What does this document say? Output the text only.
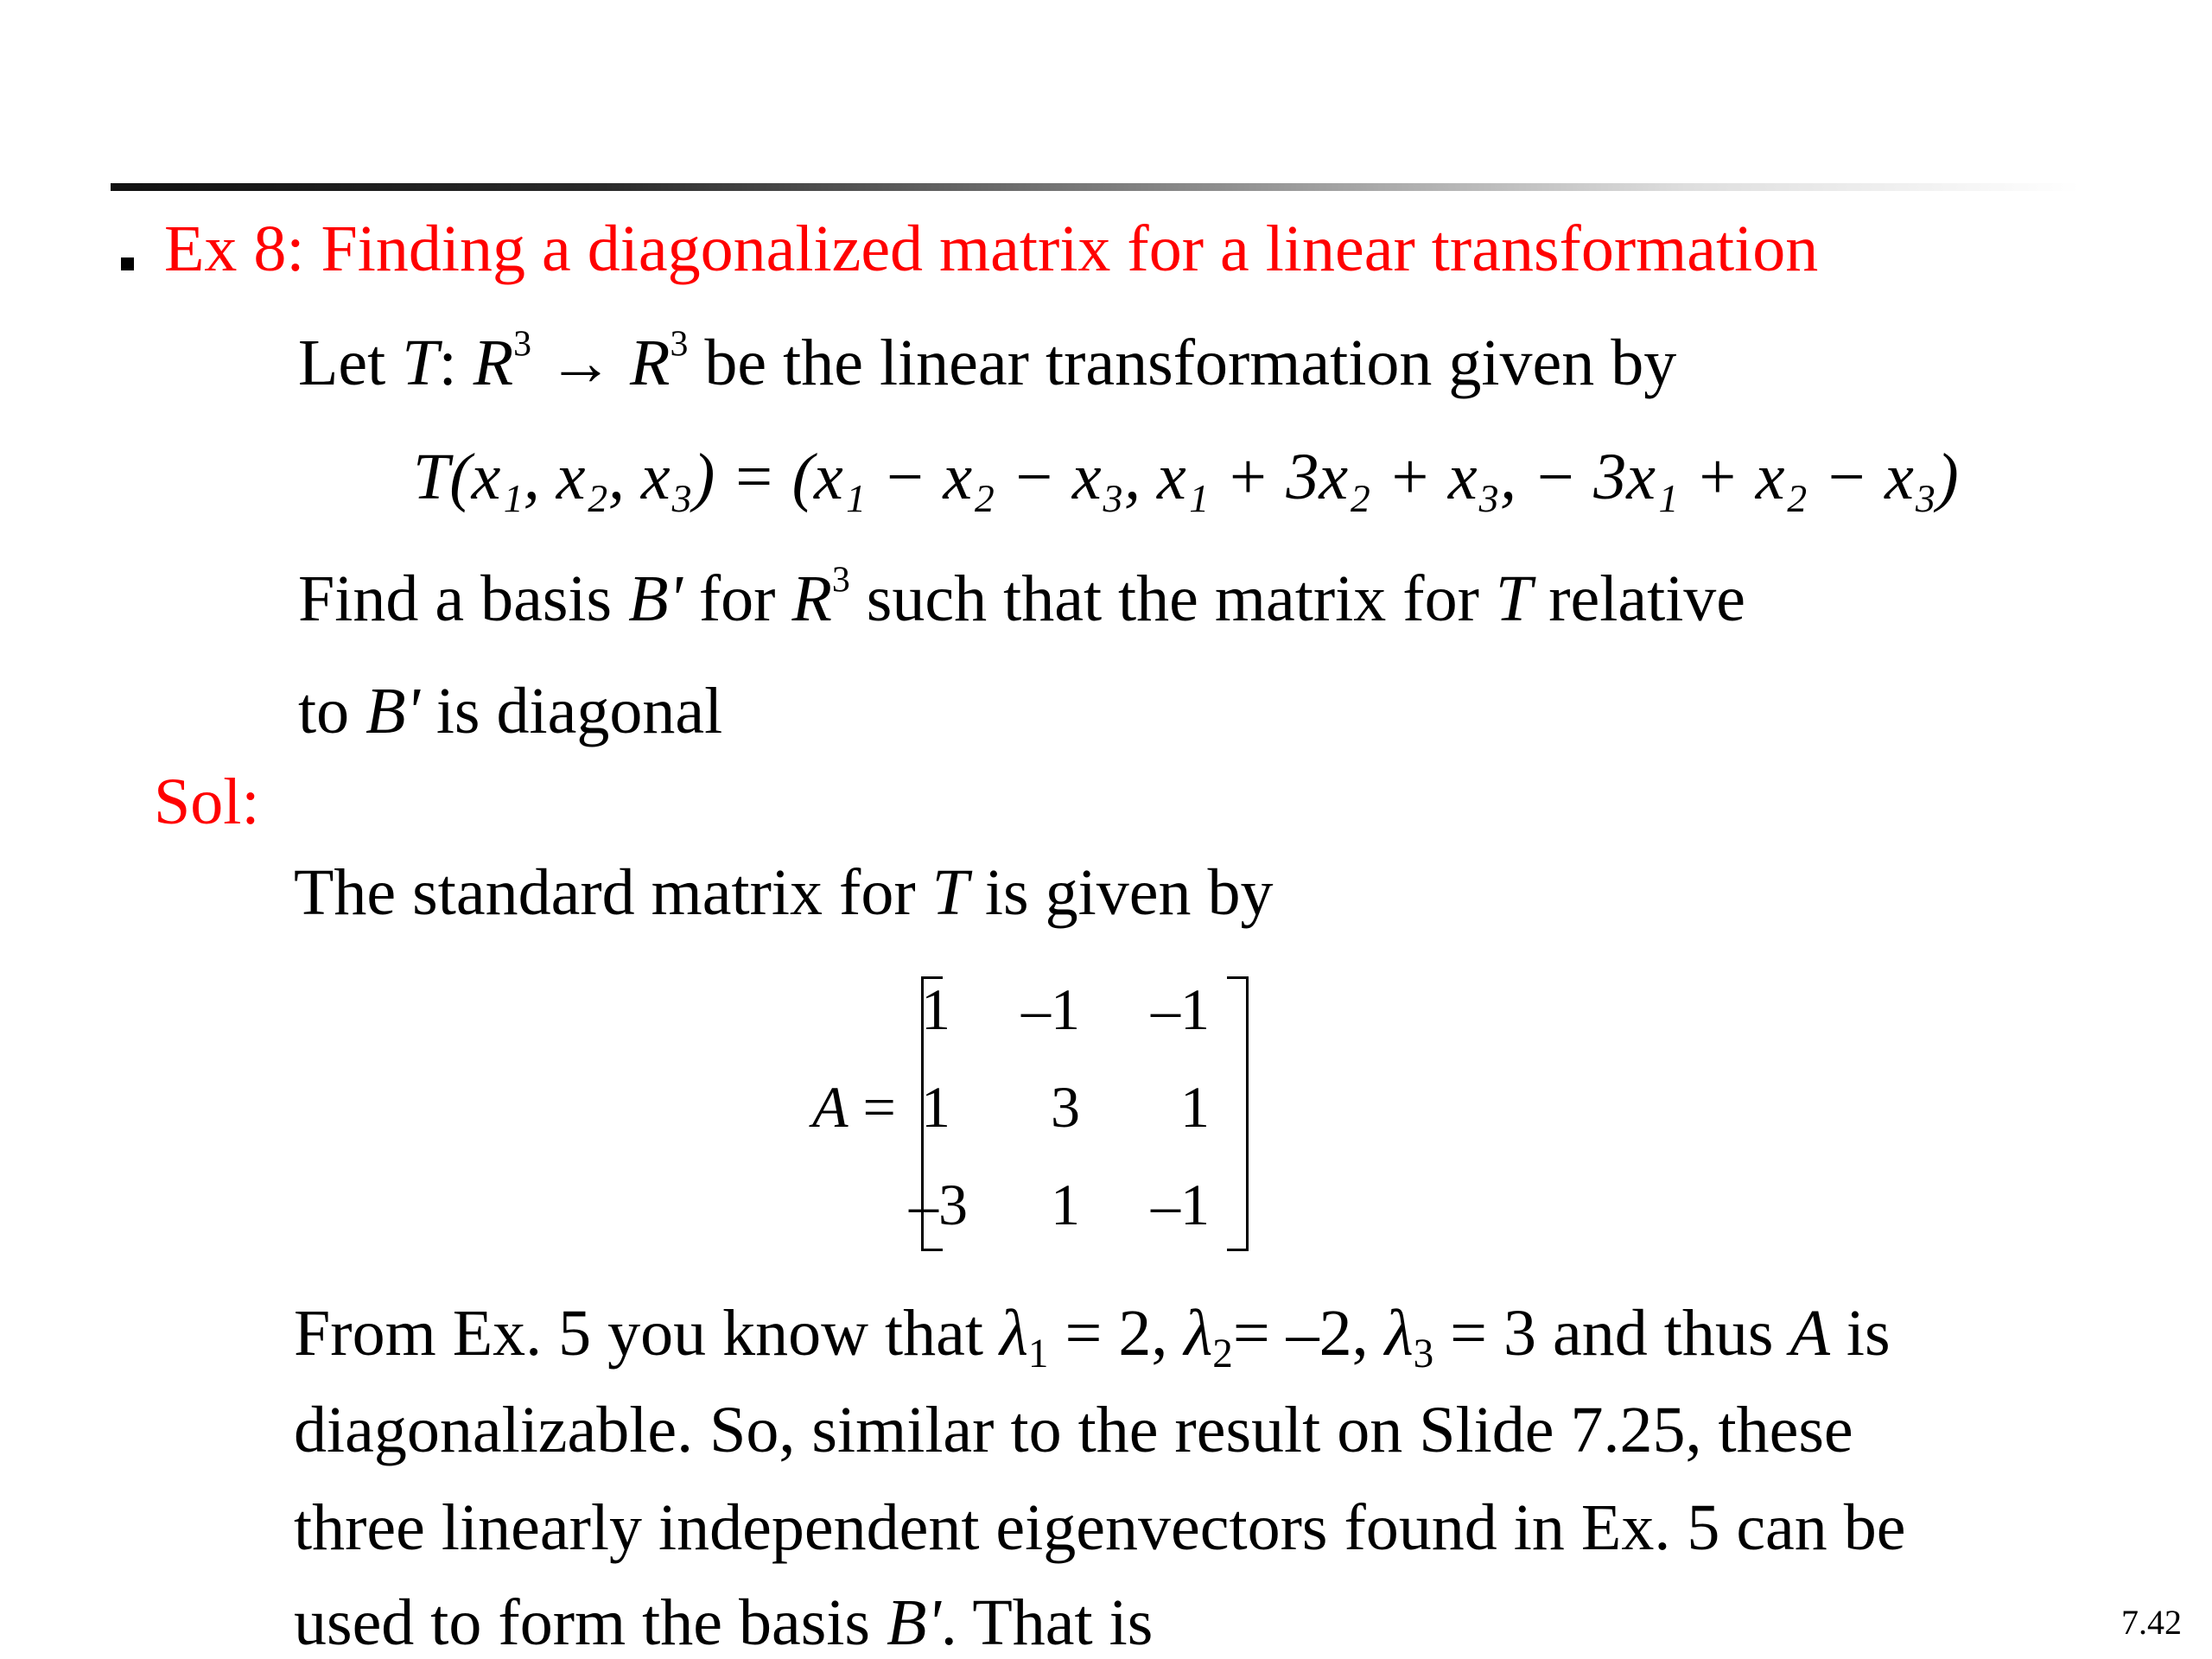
Ex 8: Finding a diagonalized matrix for a linear transformation
Let T: $R^3 \to R^3$ be the linear transformation given by
T(x₁, x₂, x₃) = (x₁ − x₂ − x₃, x₁ + 3x₂ + x₃, − 3x₁ + x₂ − x₃)
Find a basis B' for $R^3$ such that the matrix for T relative
to B' is diagonal
Sol:
The standard matrix for T is given by
A =
1	–1	–1
1	3	1
–3	1	–1
From Ex. 5 you know that $\lambda_1 = 2$, $\lambda_2= -2$, $\lambda_3 = 3$ and thus A is
diagonalizable. So, similar to the result on Slide 7.25, these
three linearly independent eigenvectors found in Ex. 5 can be
used to form the basis B'. That is	7.42
